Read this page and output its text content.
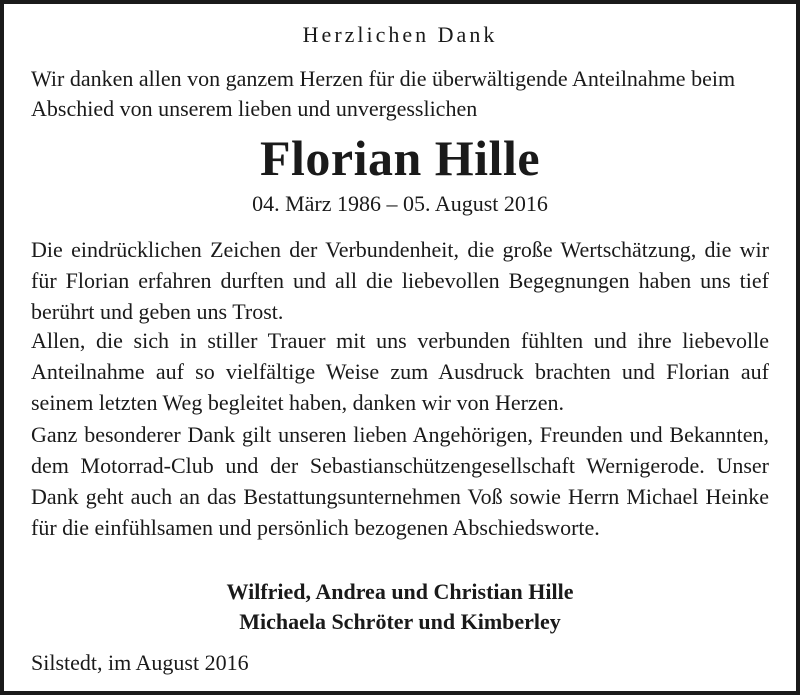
Herzlichen Dank
Wir danken allen von ganzem Herzen für die überwältigende Anteilnahme beim Abschied von unserem lieben und unvergesslichen
Florian Hille
04. März 1986 – 05. August 2016
Die eindrücklichen Zeichen der Verbundenheit, die große Wertschätzung, die wir für Florian erfahren durften und all die liebevollen Begegnungen haben uns tief berührt und geben uns Trost.
Allen, die sich in stiller Trauer mit uns verbunden fühlten und ihre liebevolle Anteilnahme auf so vielfältige Weise zum Ausdruck brachten und Florian auf seinem letzten Weg begleitet haben, danken wir von Herzen.
Ganz besonderer Dank gilt unseren lieben Angehörigen, Freunden und Bekannten, dem Motorrad-Club und der Sebastianschützengesellschaft Wernigerode. Unser Dank geht auch an das Bestattungsunternehmen Voß sowie Herrn Michael Heinke für die einfühlsamen und persönlich bezogenen Abschiedsworte.
Wilfried, Andrea und Christian Hille
Michaela Schröter und Kimberley
Silstedt, im August 2016
